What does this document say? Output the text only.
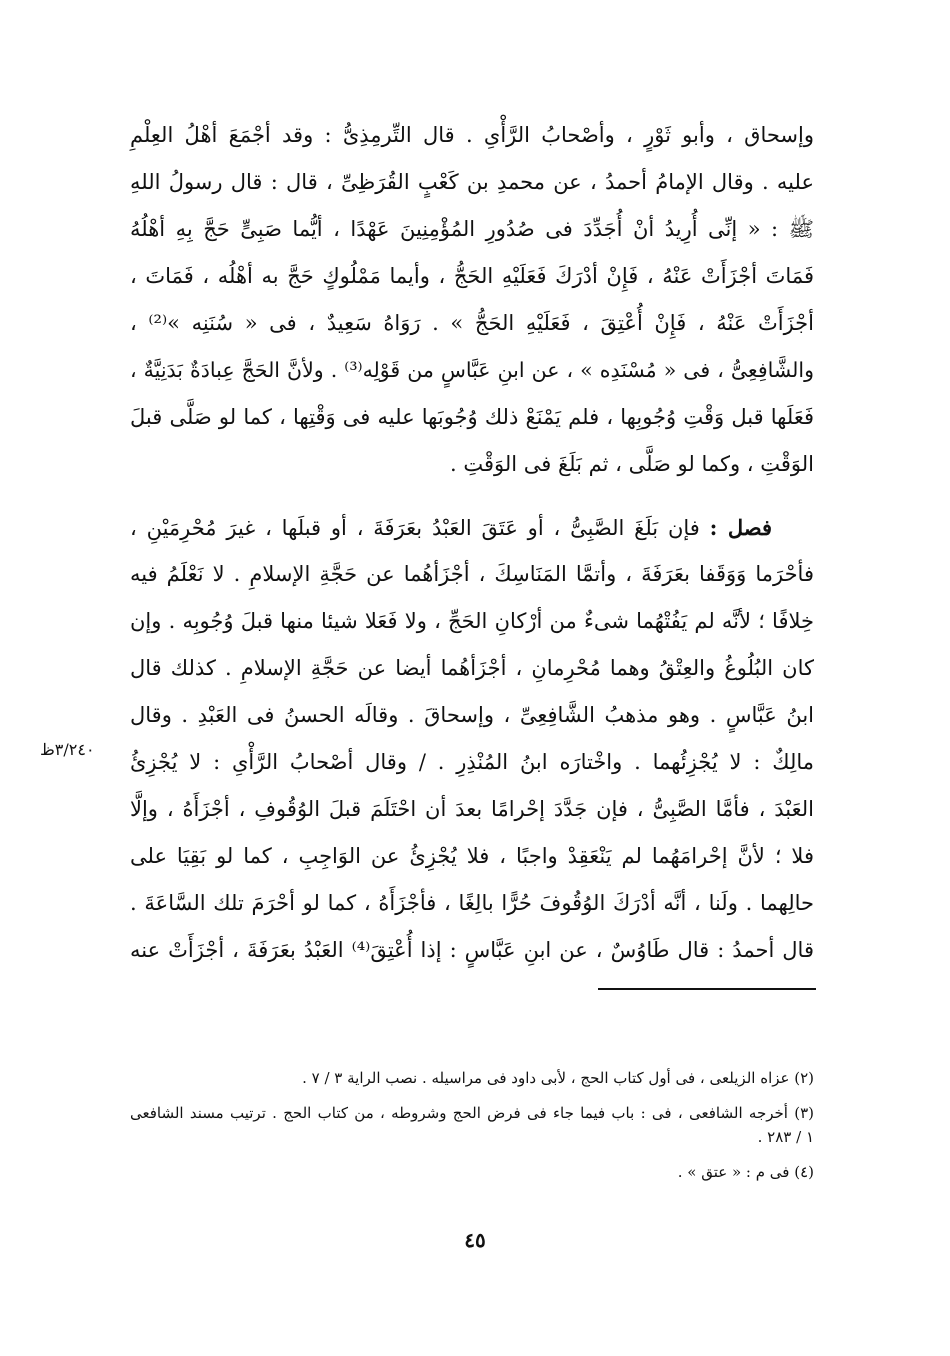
وإسحاق ، وأبو ثَوْرٍ ، وأصْحابُ الرَّأْىِ . قال التِّرمِذِىُّ : وقد أجْمَعَ أهْلُ العِلْمِ
عليه . وقال الإمامُ أحمدُ ، عن محمدِ بن كَعْبٍ القُرَظِىِّ ، قال : قال رسولُ اللهِ
ﷺ : « إنِّى أُرِيدُ أنْ أُجَدِّدَ فى صُدُورِ المُؤْمِنِينَ عَهْدًا ، أيُّما صَبِىٍّ حَجَّ بِهِ أهْلُهُ
فَمَاتَ أجْزَأَتْ عَنْهُ ، فَإِنْ أدْرَكَ فَعَلَيْهِ الحَجُّ ، وأيما مَمْلُوكٍ حَجَّ به أهْلُه ، فَمَاتَ ،
أجْزَأَتْ عَنْهُ ، فَإِنْ أُعْتِقَ ، فَعَلَيْهِ الحَجُّ » . رَوَاهُ سَعِيدٌ ، فى « سُنَنِه »⁽²⁾ ،
والشَّافِعِىُّ ، فى « مُسْنَدِه » ، عن ابنِ عَبَّاسٍ من قَوْلِه⁽³⁾ . ولأنَّ الحَجَّ عِبادَةٌ بَدَنِيَّةٌ ،
فَعَلَها قبل وَقْتِ وُجُوبِها ، فلم يَمْنَعْ ذلك وُجُوبَها عليه فى وَقْتِها ، كما لو صَلَّى قبلَ
الوَقْتِ ، وكما لو صَلَّى ، ثم بَلَغَ فى الوَقْتِ .
​  فصل : فإن بَلَغَ الصَّبِىُّ ، أو عَتَقَ العَبْدُ بعَرَفَةَ ، أو قبلَها ، غيرَ مُحْرِمَيْنِ ،
فأحْرَما وَوَقَفا بعَرَفَةَ ، وأتمَّا المَنَاسِكَ ، أجْزَأهُما عن حَجَّةِ الإسلامِ . لا نَعْلَمُ فيه
خِلافًا ؛ لأنَّه لم يَفُتْهُما شىءٌ من أرْكانِ الحَجِّ ، ولا فَعَلا شيئا منها قبلَ وُجُوبِه . وإن
كان البُلُوغُ والعِتْقُ وهما مُحْرِمانِ ، أجْزَأهُما أيضا عن حَجَّةِ الإسلامِ . كذلك قال
ابنُ عَبَّاسٍ . وهو مذهبُ الشَّافِعِىِّ ، وإسحاقَ . وقالَه الحسنُ فى العَبْدِ . وقال
مالِكٌ : لا يُجْزِئُهما . واخْتارَه ابنُ المُنْذِرِ . / وقال أصْحابُ الرَّأْىِ : لا يُجْزِئُ
العَبْدَ ، فأمَّا الصَّبِىُّ ، فإن جَدَّدَ إحْرامًا بعدَ أن احْتَلَمَ قبلَ الوُقُوفِ ، أجْزَأَهُ ، وإلَّا
فلا ؛ لأنَّ إحْرامَهُما لم يَنْعَقِدْ واجبًا ، فلا يُجْزِئُ عن الوَاجِبِ ، كما لو بَقِيَا على
حالِهما . ولَنا ، أنَّه أدْرَكَ الوُقُوفَ حُرًّا بالِغًا ، فأجْزَأَهُ ، كما لو أحْرَمَ تلك السَّاعَةَ .
قال أحمدُ : قال طَاوُسٌ ، عن ابنِ عَبَّاسٍ : إذا أُعْتِقَ⁽⁴⁾ العَبْدُ بعَرَفَةَ ، أجْزَأَتْ عنه
٣/٢٤٠ظ
(٢) عزاه الزيلعى ، فى أول كتاب الحج ، لأبى داود فى مراسيله . نصب الراية ٣ / ٧ .
(٣) أخرجه الشافعى ، فى : باب فيما جاء فى فرض الحج وشروطه ، من كتاب الحج . ترتيب مسند الشافعى
١ / ٢٨٣ .
(٤) فى م : « عتق » .
٤٥
